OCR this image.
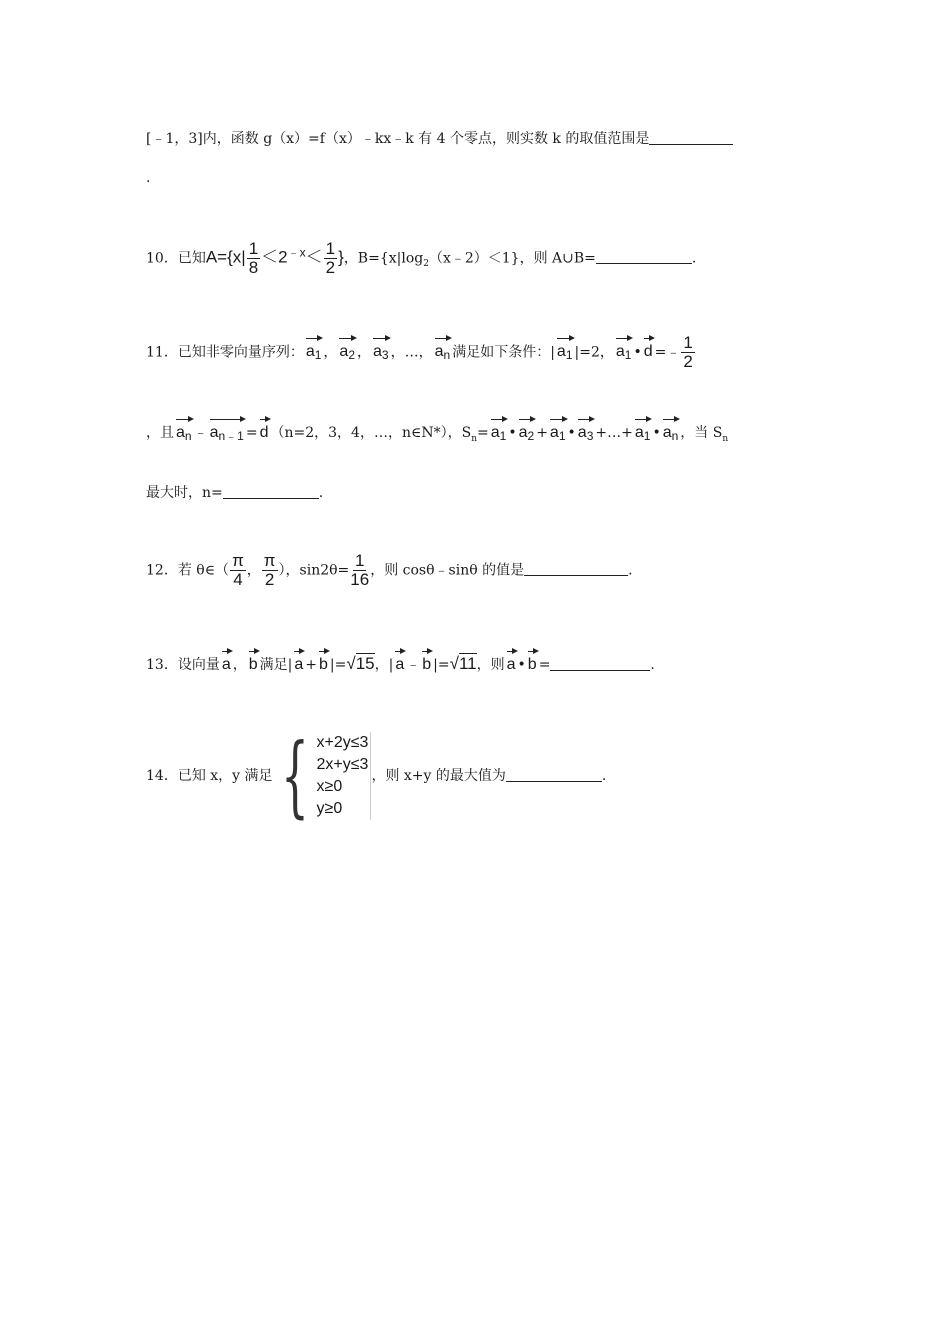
[﹣1，3]内，函数 g（x）=f（x）﹣kx﹣k 有 4 个零点，则实数 k 的取值范围是
.
10．已知$A=\{x| \frac{1}{8} <2^{﹣x}< \frac{1}{2}$ }，$B=\{x|\log_2(x﹣2)<1\}$，则 A∪B=	.
11．已知非零向量序列： $a_1$ ， $a_2$ ， $a_3$ ，…， $a_n$ 满足如下条件：| $a_1$ |=2， $a_1$ • d =﹣ $\frac{1}{2}$
，且 $a_n$ ﹣ $a_{n﹣1} = d$ （n=2，3，4，…，n∈N*），$S_n= a_1$ • $a_2 + a_1$ • $a_3$ +…+ $a_1$ • $a_n$ ，当 $S_n$
最大时，n=	.
12．若 θ∈（ $\frac{\pi}{4}$ ， $\frac{\pi}{2}$ ），$\sin 2\theta= \frac{1}{16}$ ，则 cosθ﹣sinθ 的值是	.
13．设向量 a ， b 满足| a + b |=√15，| a ﹣ b |=√11，则 a • b =	.
14．已知 x，y 满足 { x+2y≤3
2x+y≤3
x≥0
y≥0
，则 x+y 的最大值为	.
